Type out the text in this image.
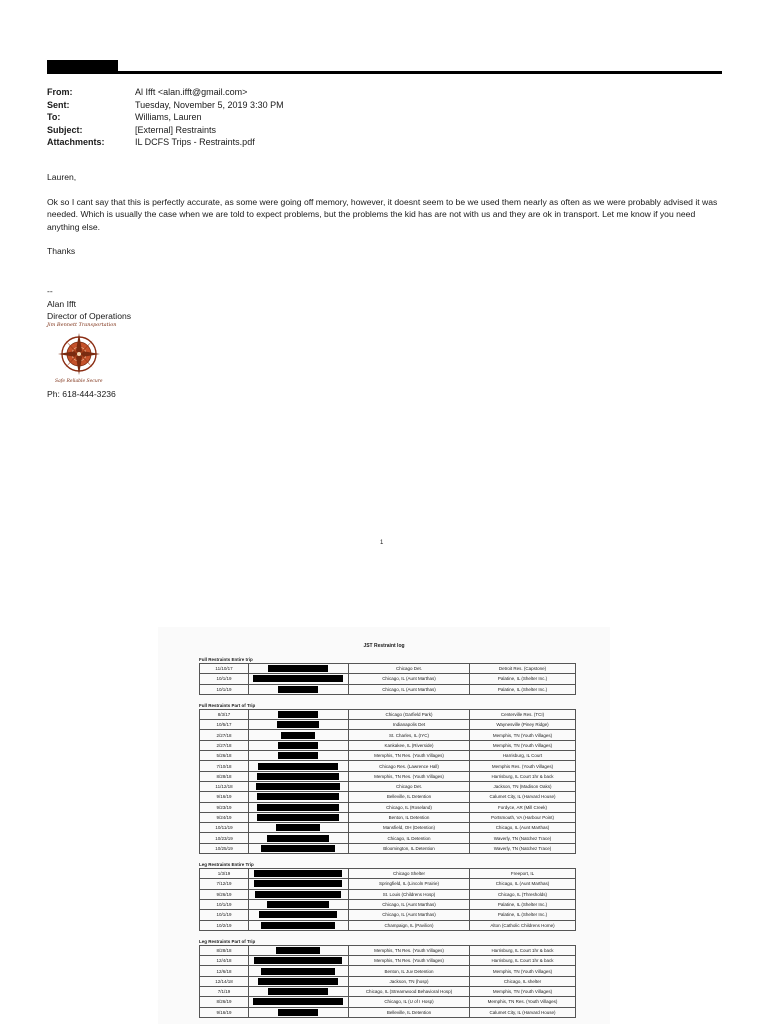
From:	Al Ifft <alan.ifft@gmail.com>
Sent:	Tuesday, November 5, 2019 3:30 PM
To:	Williams, Lauren
Subject:	[External] Restraints
Attachments:	IL DCFS Trips - Restraints.pdf

Lauren,

Ok so I cant say that this is perfectly accurate, as some were going off memory, however, it doesnt seem to be we used them nearly as often as we were probably advised it was needed. Which is usually the case when we are told to expect problems, but the problems the kid has are not with us and they are ok in transport. Let me know if you need anything else.

Thanks

--
Alan Ifft
Director of Operations
Jim Bennett Transportation
Safe Reliable Secure
Ph: 618-444-3236
1
JST Restraint log
Full Restraints Entire trip
11/10/17		Chicago Det.	Detroit Res. (Capstone)
10/1/19		Chicago, IL (Aunt Marthas)	Palatine, IL (Shelter Inc.)
10/1/19		Chicago, IL (Aunt Marthas)	Palatine, IL (Shelter Inc.)
Full Restraints Part of Trip
8/3/17		Chicago (Garfield Park)	Centerville Res. (TCI)
10/5/17		Indianapolis Det	Waynesville (Piney Ridge)
2/27/18		St. Charles, IL (IYC)	Memphis, TN (Youth Villages)
2/27/18		Kankakee, IL (Riverside)	Memphis, TN (Youth Villages)
5/26/18		Memphis, TN Res. (Youth Villages)	Harrisburg, IL Court
7/10/18		Chicago Res. (Lawrence Hall)	Memphis Res. (Youth Villages)
8/28/18		Memphis, TN Res. (Youth Villages)	Harrisburg, IL Court 1hr & back
11/12/18		Chicago Det.	Jackson, TN (Madison Oaks)
9/16/19		Belleville, IL Detention	Calumet City, IL (Harvard House)
9/23/19		Chicago, IL (Roseland)	Fordyce, AR (Mill Creek)
9/24/19		Benton, IL Detention	Portsmouth, VA (Harbour Point)
10/11/19		Mansfield, OH (Detention)	Chicago, IL (Aunt Marthas)
10/23/19		Chicago, IL Detention	Waverly, TN (Natchez Trace)
10/25/19		Bloomington, IL Detention	Waverly, TN (Natchez Trace)
Leg Restraints Entire Trip
1/3/19		Chicago Shelter	Freeport, IL
7/12/19		Springfield, IL (Lincoln Prairie)	Chicago, IL (Aunt Marthas)
9/26/19		St. Louis (Childrens Hosp)	Chicago, IL (Thresholds)
10/1/19		Chicago, IL (Aunt Marthas)	Palatine, IL (Shelter Inc.)
10/1/19		Chicago, IL (Aunt Marthas)	Palatine, IL (Shelter Inc.)
10/2/19		Champaign, IL (Pavilion)	Alton (Catholic Childrens Home)
Leg Restraints Part of Trip
8/28/18		Memphis, TN Res. (Youth Villages)	Harrisburg, IL Court 1hr & back
12/4/18		Memphis, TN Res. (Youth Villages)	Harrisburg, IL Court 1hr & back
12/6/18		Benton, IL Juv Detention	Memphis, TN (Youth Villages)
12/14/18		Jackson, TN (hosp)	Chicago, IL shelter
7/1/19		Chicago, IL (Streamwood Behavioral Hosp)	Memphis, TN (Youth Villages)
8/26/19		Chicago, IL (U of I Hosp)	Memphis, TN Res. (Youth Villages)
9/16/19		Belleville, IL Detention	Calumet City, IL (Harvard House)
